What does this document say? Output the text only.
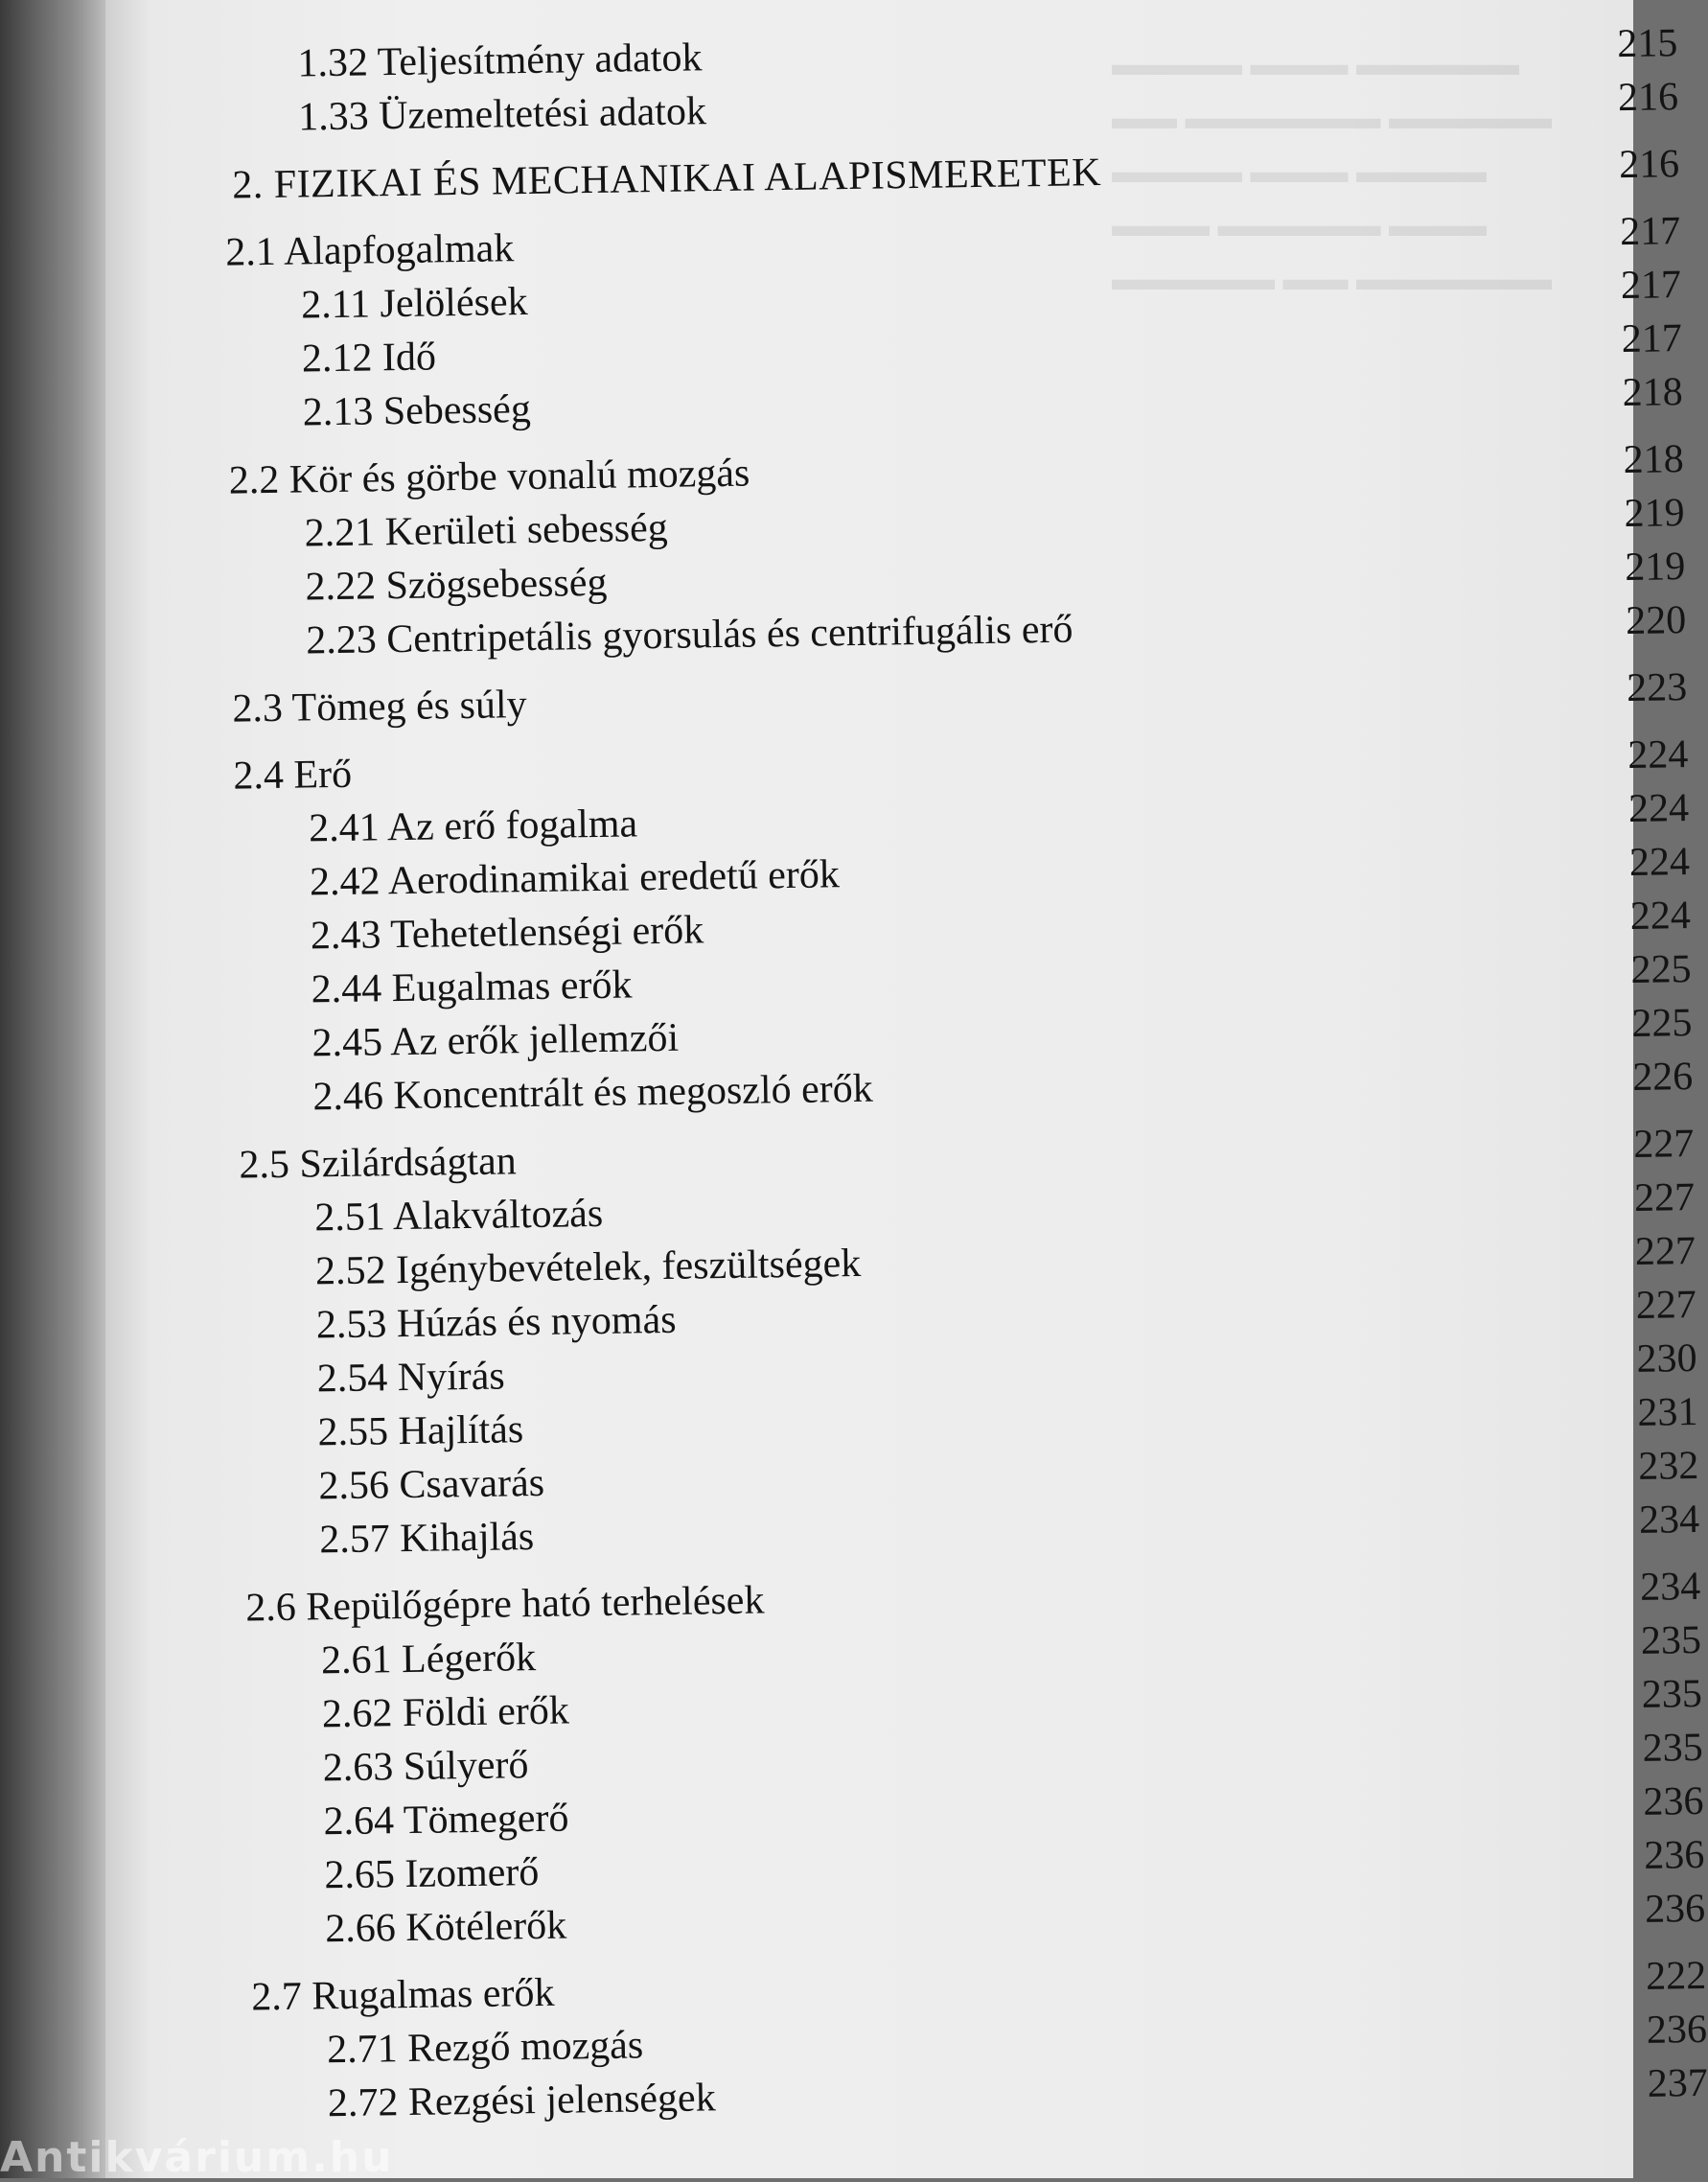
▬▬▬▬ ▬▬▬ ▬▬▬▬▬
▬▬ ▬▬▬▬▬▬ ▬▬▬▬▬
▬▬▬▬ ▬▬▬ ▬▬▬▬
▬▬▬ ▬▬▬▬▬ ▬▬▬
▬▬▬▬▬ ▬▬ ▬▬▬▬▬▬
1.32 Teljesítmény adatok	215
1.33 Üzemeltetési adatok	216
2. FIZIKAI ÉS MECHANIKAI ALAPISMERETEK	216
2.1 Alapfogalmak	217
2.11 Jelölések	217
2.12 Idő	217
2.13 Sebesség	218
2.2 Kör és görbe vonalú mozgás	218
2.21 Kerületi sebesség	219
2.22 Szögsebesség	219
2.23 Centripetális gyorsulás és centrifugális erő	220
2.3 Tömeg és súly	223
2.4 Erő	224
2.41 Az erő fogalma	224
2.42 Aerodinamikai eredetű erők	224
2.43 Tehetetlenségi erők	224
2.44 Eugalmas erők	225
2.45 Az erők jellemzői	225
2.46 Koncentrált és megoszló erők	226
2.5 Szilárdságtan	227
2.51 Alakváltozás	227
2.52 Igénybevételek, feszültségek	227
2.53 Húzás és nyomás	227
2.54 Nyírás	230
2.55 Hajlítás	231
2.56 Csavarás	232
2.57 Kihajlás	234
2.6 Repülőgépre ható terhelések	234
2.61 Légerők	235
2.62 Földi erők	235
2.63 Súlyerő	235
2.64 Tömegerő	236
2.65 Izomerő	236
2.66 Kötélerők	236
2.7 Rugalmas erők	222
2.71 Rezgő mozgás	236
2.72 Rezgési jelenségek	237
Antikvárium.hu
